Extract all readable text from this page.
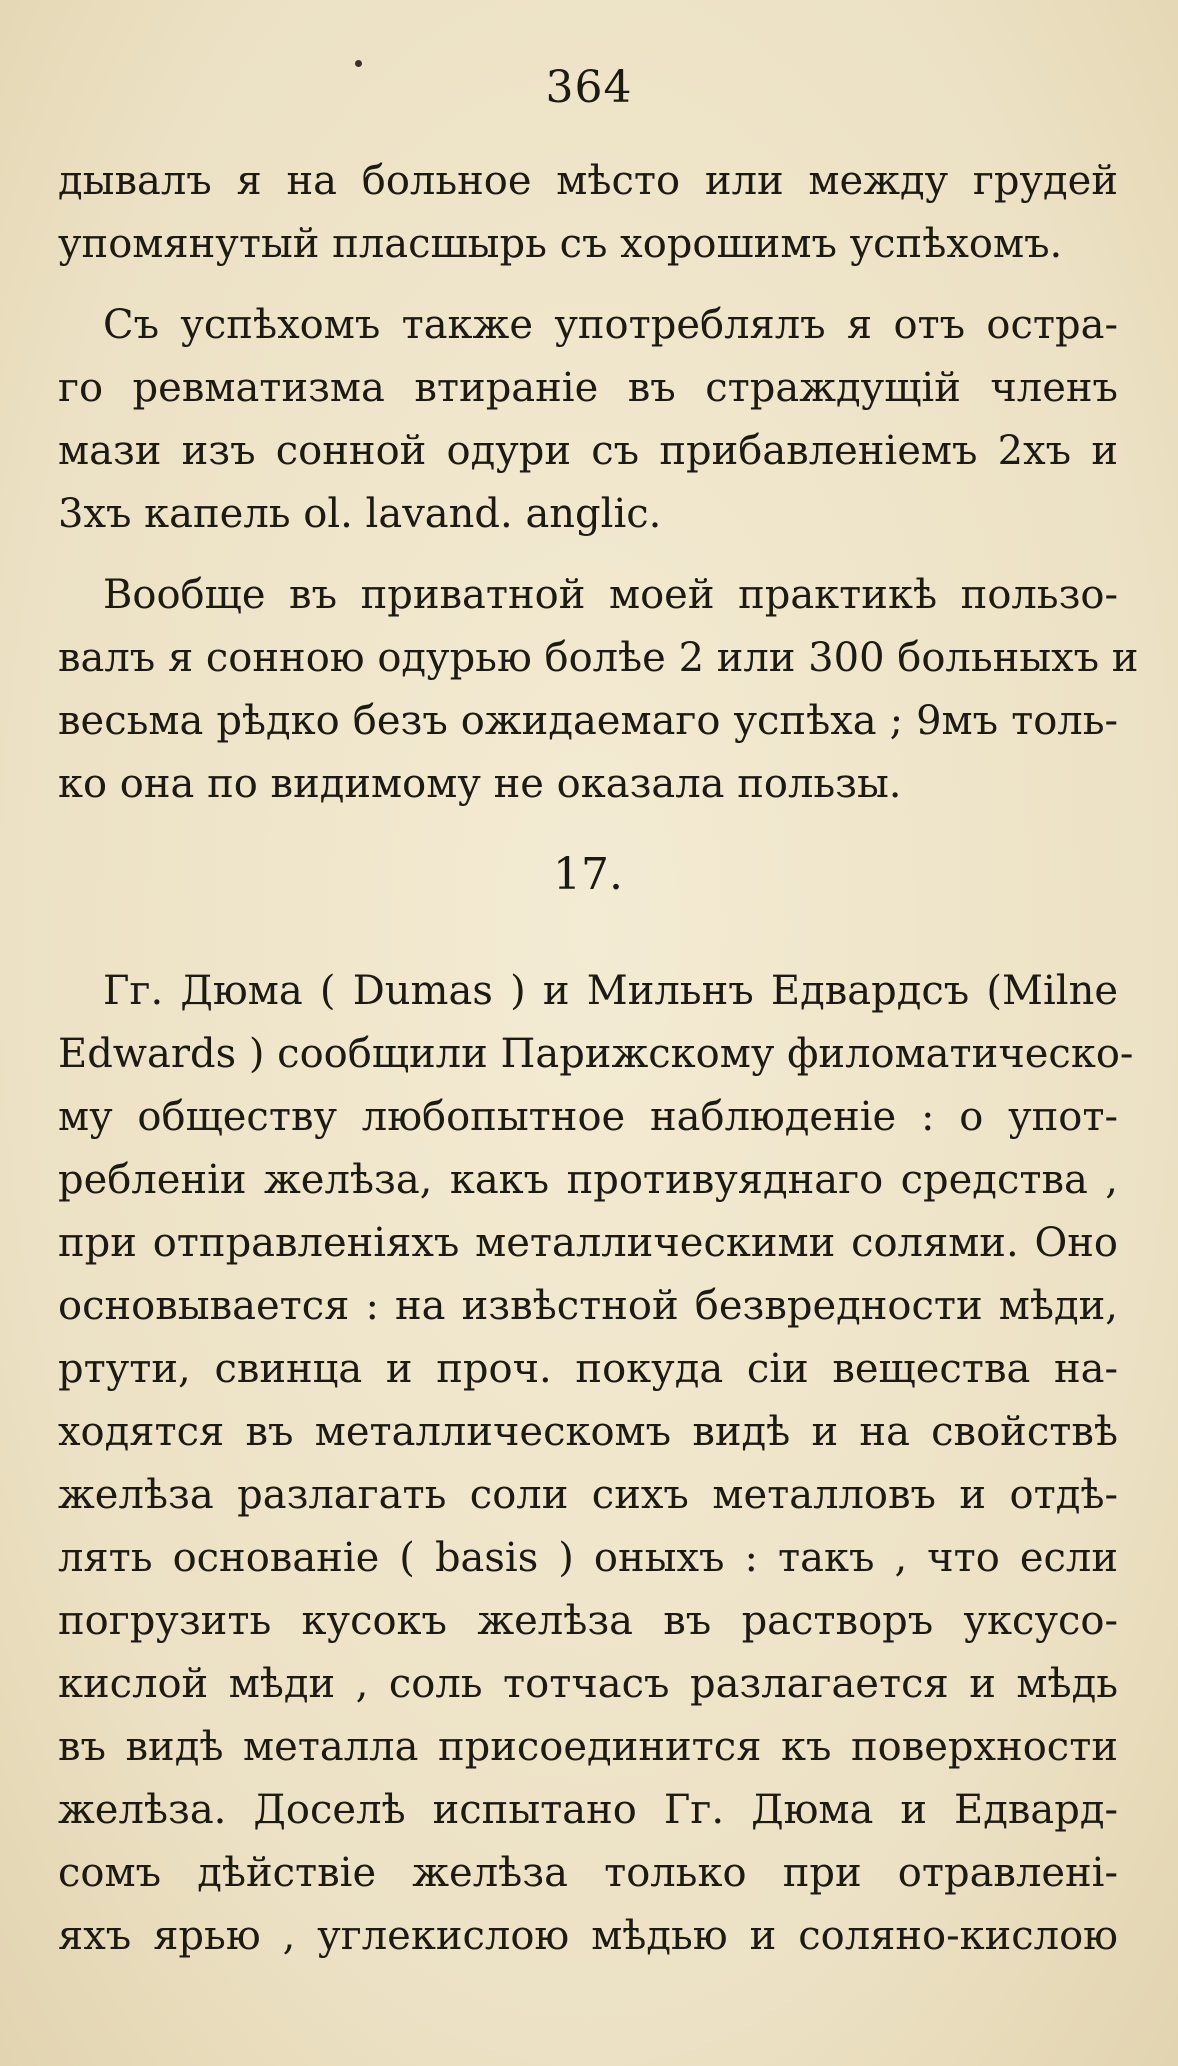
364
дывалъ я на больное мѣсто или между грудей
упомянутый пласшырь съ хорошимъ успѣхомъ.
Съ успѣхомъ также употреблялъ я отъ остра-
го ревматизма втираніе въ страждущій членъ
мази изъ сонной одури съ прибавленіемъ 2хъ и
3хъ капель ol. lavand. anglic.
Вообще въ приватной моей практикѣ пользо-
валъ я сонною одурью болѣе 2 или 300 больныхъ и
весьма рѣдко безъ ожидаемаго успѣха ; 9мъ толь-
ко она по видимому не оказала пользы.
17.
Гг. Дюма ( Dumas ) и Мильнъ Едвардсъ (Milne
Edwards ) сообщили Парижскому филоматическо-
му обществу любопытное наблюденіе : о упот-
ребленіи желѣза, какъ противуяднаго средства ,
при отправленіяхъ металлическими солями. Оно
основывается : на извѣстной безвредности мѣди,
ртути, свинца и проч. покуда сіи вещества на-
ходятся въ металлическомъ видѣ и на свойствѣ
желѣза разлагать соли сихъ металловъ и отдѣ-
лять основаніе ( basis ) оныхъ : такъ , что если
погрузить кусокъ желѣза въ растворъ уксусо-
кислой мѣди , соль тотчасъ разлагается и мѣдь
въ видѣ металла присоединится къ поверхности
желѣза. Доселѣ испытано Гг. Дюма и Едвард-
сомъ дѣйствіе желѣза только при отравлені-
яхъ ярью , углекислою мѣдью и соляно-кислою
